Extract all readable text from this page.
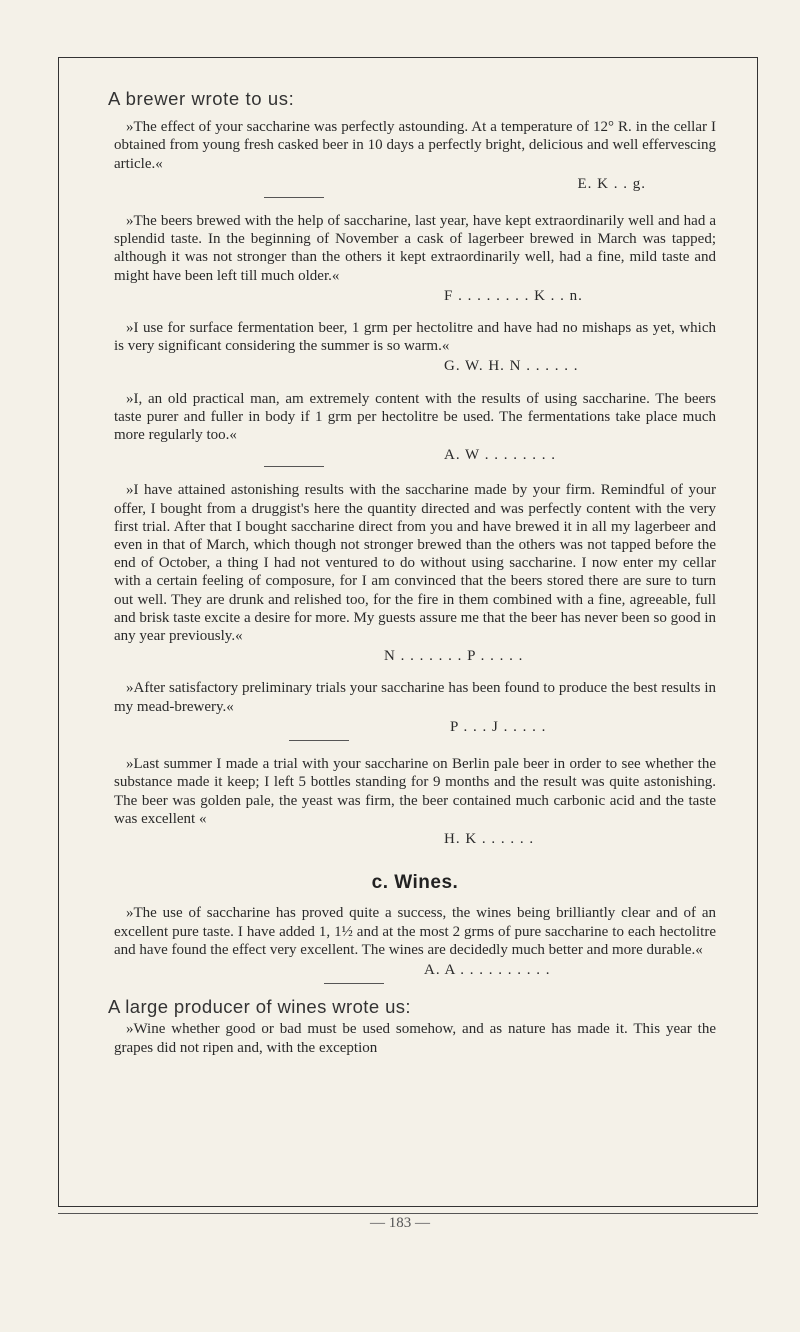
A brewer wrote to us:

»The effect of your saccharine was perfectly astounding. At a temperature of 12° R. in the cellar I obtained from young fresh casked beer in 10 days a perfectly bright, delicious and well effervescing article.«

E. K . . g.

»The beers brewed with the help of saccharine, last year, have kept extraordinarily well and had a splendid taste. In the beginning of November a cask of lagerbeer brewed in March was tapped; although it was not stronger than the others it kept extraordinarily well, had a fine, mild taste and might have been left till much older.«

F . . . . . . . . K . . n.

»I use for surface fermentation beer, 1 grm per hectolitre and have had no mishaps as yet, which is very significant considering the summer is so warm.«

G. W. H. N . . . . . .

»I, an old practical man, am extremely content with the results of using saccharine. The beers taste purer and fuller in body if 1 grm per hectolitre be used. The fermentations take place much more regularly too.«

A. W . . . . . . . .

»I have attained astonishing results with the saccharine made by your firm. Remindful of your offer, I bought from a druggist's here the quantity directed and was perfectly content with the very first trial. After that I bought saccharine direct from you and have brewed it in all my lagerbeer and even in that of March, which though not stronger brewed than the others was not tapped before the end of October, a thing I had not ventured to do without using saccharine. I now enter my cellar with a certain feeling of composure, for I am convinced that the beers stored there are sure to turn out well. They are drunk and relished too, for the fire in them combined with a fine, agreeable, full and brisk taste excite a desire for more. My guests assure me that the beer has never been so good in any year previously.«

N . . . . . . . P . . . . .

»After satisfactory preliminary trials your saccharine has been found to produce the best results in my mead-brewery.«

P . . . J . . . . .

»Last summer I made a trial with your saccharine on Berlin pale beer in order to see whether the substance made it keep; I left 5 bottles standing for 9 months and the result was quite astonishing. The beer was golden pale, the yeast was firm, the beer contained much carbonic acid and the taste was excellent «

H. K . . . . . .
c. Wines.

»The use of saccharine has proved quite a success, the wines being brilliantly clear and of an excellent pure taste. I have added 1, 1½ and at the most 2 grms of pure saccharine to each hectolitre and have found the effect very excellent. The wines are decidedly much better and more durable.«

A. A . . . . . . . . . .
A large producer of wines wrote us:

»Wine whether good or bad must be used somehow, and as nature has made it. This year the grapes did not ripen and, with the exception

— 183 —
